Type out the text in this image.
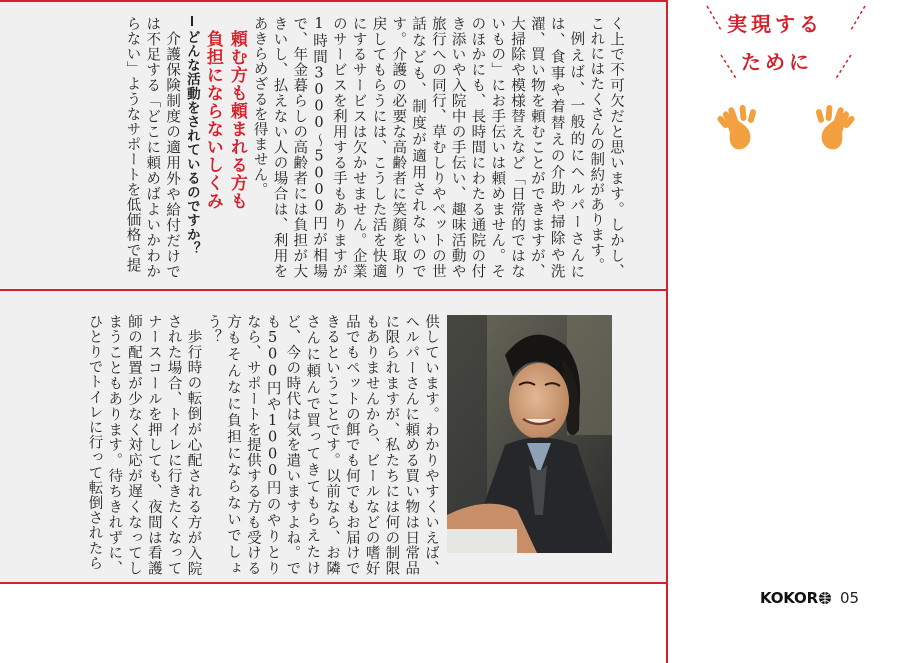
く上で不可欠だと思います。しかし、これにはたくさんの制約があります。

例えば、一般的にヘルパーさんには、食事や着替えの介助や掃除や洗濯、買い物を頼むことができますが、大掃除や模様替えなど「日常的ではないもの」にお手伝いは頼めません。そのほかにも、長時間にわたる通院の付き添いや入院中の手伝い、趣味活動や旅行への同行、草むしりやペットの世話なども、制度が適用されないのです。介護の必要な高齢者に笑顔を取り戻してもらうには、こうした活を快適にするサービスは欠かせません。企業のサービスを利用する手もありますが1時間3000～5000円が相場で、年金暮らしの高齢者には負担が大きいし、払えない人の場合は、利用をあきらめざるを得ません。

頼む方も頼まれる方も
負担にならないしくみ

どんな活動をされているのですか？

介護保険制度の適用外や給付だけでは不足する「どこに頼めばよいかわからない」ようなサポートを低価格で提

供しています。わかりやすくいえば、ヘルパーさんに頼める買い物は日常品に限られますが、私たちには何の制限もありませんから、ビールなどの嗜好品でもペットの餌でも何でもお届けできるということです。以前なら、お隣さんに頼んで買ってきてもらえたけど、今の時代は気を遣いますよね。でも500円や1000円のやりとりなら、サポートを提供する方も受ける方もそんなに負担にならないでしょう？

歩行時の転倒が心配される方が入院された場合、トイレに行きたくなってナースコールを押しても、夜間は看護師の配置が少なく対応が遅くなってしまうこともあります。待ちきれずに、ひとりでトイレに行って転倒されたら

実現する
ために
KOKOR	05
